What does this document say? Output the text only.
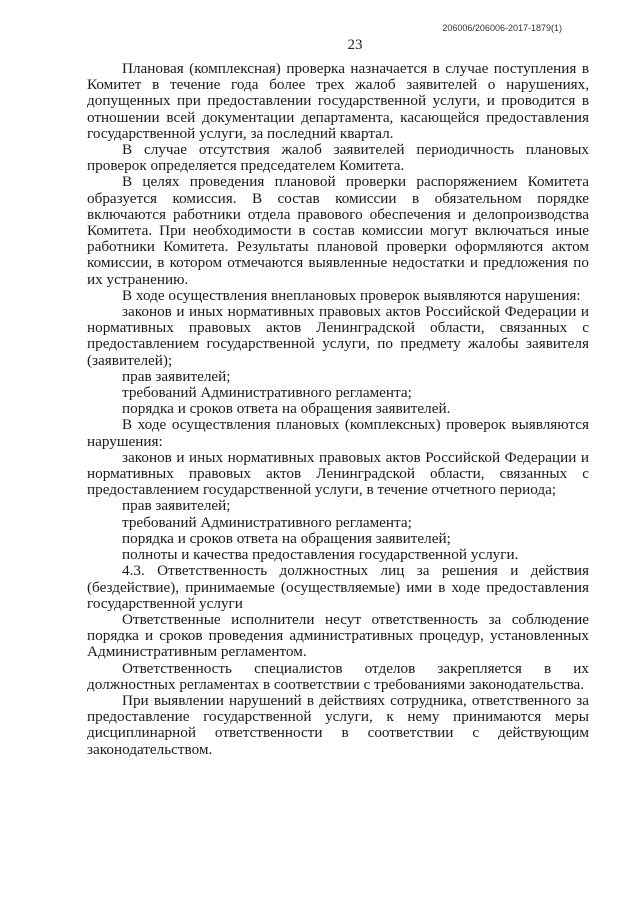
206006/206006-2017-1879(1)
23

Плановая (комплексная) проверка назначается в случае поступления в Комитет в течение года более трех жалоб заявителей о нарушениях, допущенных при предоставлении государственной услуги, и проводится в отношении всей документации департамента, касающейся предоставления государственной услуги, за последний квартал.

В случае отсутствия жалоб заявителей периодичность плановых проверок определяется председателем Комитета.

В целях проведения плановой проверки распоряжением Комитета образуется комиссия. В состав комиссии в обязательном порядке включаются работники отдела правового обеспечения и делопроизводства Комитета. При необходимости в состав комиссии могут включаться иные работники Комитета. Результаты плановой проверки оформляются актом комиссии, в котором отмечаются выявленные недостатки и предложения по их устранению.

В ходе осуществления внеплановых проверок выявляются нарушения:

законов и иных нормативных правовых актов Российской Федерации и нормативных правовых актов Ленинградской области, связанных с предоставлением государственной услуги, по предмету жалобы заявителя (заявителей);

прав заявителей;

требований Административного регламента;

порядка и сроков ответа на обращения заявителей.

В ходе осуществления плановых (комплексных) проверок выявляются нарушения:

законов и иных нормативных правовых актов Российской Федерации и нормативных правовых актов Ленинградской области, связанных с предоставлением государственной услуги, в течение отчетного периода;

прав заявителей;

требований Административного регламента;

порядка и сроков ответа на обращения заявителей;

полноты и качества предоставления государственной услуги.

4.3. Ответственность должностных лиц за решения и действия (бездействие), принимаемые (осуществляемые) ими в ходе предоставления государственной услуги

Ответственные исполнители несут ответственность за соблюдение порядка и сроков проведения административных процедур, установленных Административным регламентом.

Ответственность специалистов отделов закрепляется в их должностных регламентах в соответствии с требованиями законодательства.

При выявлении нарушений в действиях сотрудника, ответственного за предоставление государственной услуги, к нему принимаются меры дисциплинарной ответственности в соответствии с действующим законодательством.
